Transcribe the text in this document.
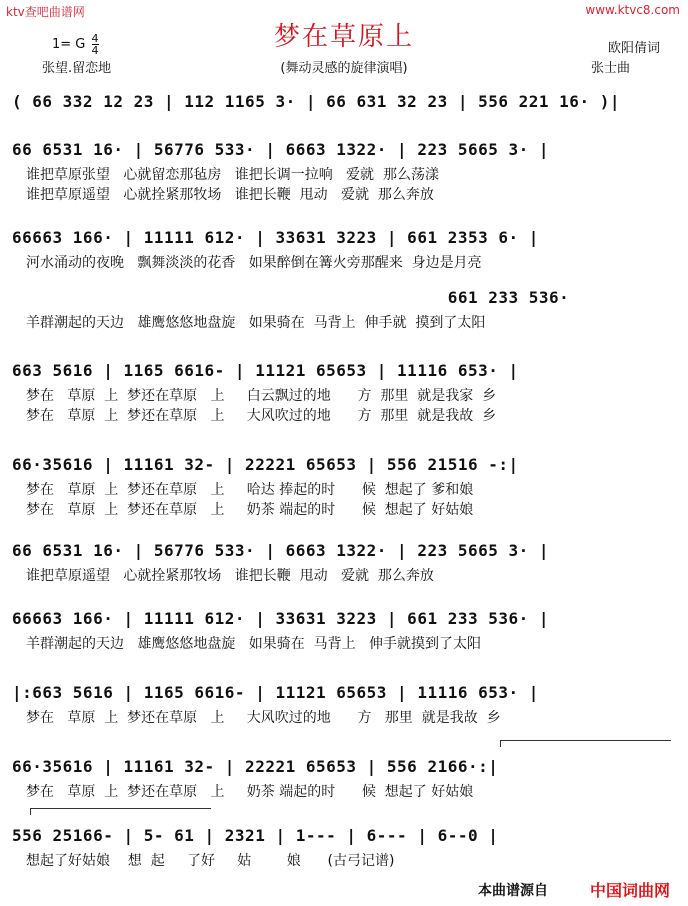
ktv查吧曲谱网	www.ktvc8.com
梦在草原上
1= G $\frac{4}{4}$	欧阳倩词
张望.留恋地	(舞动灵感的旋律演唱)	张士曲
( 66 332 12 23 | 112 1165 3· | 66 631 32 23 | 556 221 16· )|
66 6531 16· | 56776 533· | 6663 1322· | 223 5665 3· |
谁把草原张望   心就留恋那毡房   谁把长调一拉响   爱就  那么荡漾
谁把草原遥望   心就拴紧那牧场   谁把长鞭  甩动   爱就  那么奔放
66663 166· | 11111 612· | 33631 3223 | 661 2353 6· |
河水涌动的夜晚   飘舞淡淡的花香   如果醉倒在篝火旁那醒来  身边是月亮
661 233 536·
羊群潮起的天边   雄鹰悠悠地盘旋   如果骑在  马背上  伸手就  摸到了太阳
663 5616 | 1165 6616- | 11121 65653 | 11116 653· |
梦在   草原  上  梦还在草原   上     白云飘过的地      方  那里  就是我家  乡
梦在   草原  上  梦还在草原   上     大风吹过的地      方  那里  就是我故  乡
66·35616 | 11161 32- | 22221 65653 | 556 21516 -:|
梦在   草原  上  梦还在草原   上     哈达 捧起的时      候  想起了 爹和娘
梦在   草原  上  梦还在草原   上     奶茶 端起的时      候  想起了 好姑娘
66 6531 16· | 56776 533· | 6663 1322· | 223 5665 3· |
谁把草原遥望   心就拴紧那牧场   谁把长鞭  甩动   爱就  那么奔放
66663 166· | 11111 612· | 33631 3223 | 661 233 536· |
羊群潮起的天边   雄鹰悠悠地盘旋   如果骑在  马背上   伸手就摸到了太阳
|:663 5616 | 1165 6616- | 11121 65653 | 11116 653· |
梦在   草原  上  梦还在草原   上     大风吹过的地      方   那里  就是我故  乡
66·35616 | 11161 32- | 22221 65653 | 556 2166·:|
梦在   草原  上  梦还在草原   上     奶茶 端起的时      候  想起了 好姑娘
556 25166- | 5- 61 | 2321 | 1--- | 6--- | 6--0 |
想起了好姑娘    想  起     了好     姑        娘      (古弓记谱)
本曲谱源自	中国词曲网
